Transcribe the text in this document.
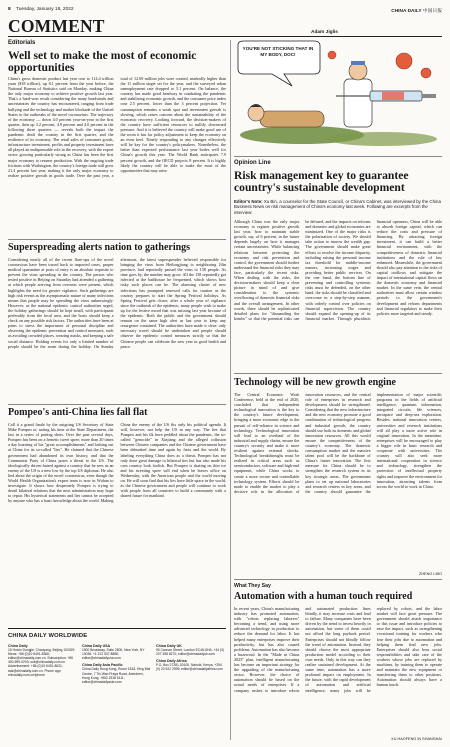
8 Tuesday, January 18, 2022	CHINA DAILY 中国日报
COMMENT
Editorials
Well set to make the most of economic opportunities

China's gross domestic product last year rose to 114.4 trillion yuan ($18 trillion), up 8.1 percent from the year before, the National Bureau of Statistics said on Monday, making China the only major economy to achieve positive growth last year. That's a hard-won result considering the many headwinds and uncertainties the country has encountered, ranging from trade bullying and the technology and market blockade of the United States to the outbreaks of the novel coronavirus. The trajectory of the economy — down 4.0 percent year-on-year in the first quarter, then up 3.2 percent, 4.9 percent and 4.0 percent in the following three quarters — reveals both the impact the pandemic dealt the country in the first quarter, and the resilience of its economy. The retail sales of consumer goods, infrastructure investment, profits and property investment have all played an indispensable role in the recovery, with the export sector growing particularly strong as China has been the first major economy to resume production. With the ongoing trade frictions with Washington, the country's foreign trade still grew 21.4 percent last year, making it the only major economy to realize positive growth in goods trade. Over the past year, a total of 12.69 million jobs were created, markedly higher than the 11 million target set for the year, and the surveyed urban unemployment rate dropped to 5.1 percent. On balance, the country has made good headway in combating the pandemic and stabilizing economic growth, and the consumer price index rose 2.5 percent, lower than the 3 percent projection. Yet consumption remains a weak spot and investment growth is slowing, which raises concern about the sustainability of the economic recovery. Looking forward, the decision-makers of the country have sufficient resources to nullify downward pressure. And it is believed the country will make good use of the room it has for policy adjustment to keep the economy on an even keel. Timely responding to any changes effectively will be key for the country's policymakers. Nonetheless, the better than expected performance last year bodes well for China's growth this year. The World Bank anticipates 7.9 percent growth, and the OECD projects 8 percent. It is highly likely the country will be able to make the most of the opportunities that may arise.

Superspreading alerts nation to gatherings

Considering nearly all of the recent flare-ups of the novel coronavirus have been traced back to imported cases, proper medical quarantine at ports of entry is an absolute requisite to prevent the virus spreading in the country. The person who tested positive in Beijing on Saturday had attended a gathering at which people arriving from overseas were present, which highlights the need for greater vigilance. Such gatherings are high risk events as the asymptomatic nature of many infections means that people may be spreading the virus unknowingly. However, as the national epidemic control authorities urged, the holiday gatherings should be kept small, with participants preferably from the local area, and the hosts should keep a check on any possible risk factors. The authorities have been at pains to stress the importance of personal discipline and observing the epidemic prevention and control measures, such as avoiding crowded places, wearing masks, and keeping a safe social distance. Holding events for only a limited number of people should be the norm during the holiday. On Sunday afternoon, the latest superspreader believed responsible for bringing the virus from Heilongjiang to neighboring Jilin province, had reportedly passed the virus to 158 people. As time goes by, the number may grow. All the 158 reportedly got infected at the bathhouse he frequented, which shows how risky such places can be. The alarming cluster of new infections has prompted renewed calls for caution as the country prepares to start the Spring Festival holidays. As Spring Festival gets closer, after a whole year of vigilance since the outbreak of the epidemic, many people wish to make up for the festive mood that was missing last year because of the epidemic. Both the public and the government should remain on the same high alert as last year to keep any resurgence contained. The authorities have made it clear: only necessary travel should be undertaken and people should observe the epidemic control measures strictly so that the Chinese people can celebrate the new year in good health and peace.

Pompeo's anti-China lies fall flat

Call it a grand finale by the outgoing US Secretary of State Mike Pompeo or, noting his time at the State Department, the last in a series of parting shots. Over the past several days, Pompeo has been on a frenetic tweet spree, more than 20 times a day boasting of his "great accomplishments" and lashing out at China for its so-called "lies". He claimed that the Chinese government had abandoned its own history, and that the Communist Party of China poses a threat to the US. The ideologically driven hatred against a country that he sees as an enemy of the US is a new low by the top US diplomat. He also lied about the origin of the novel coronavirus, even though the World Health Organization's expert team is now in Wuhan to investigate. It shows how desperately Pompeo is trying to derail bilateral relations that the next administration may hope to repair. His hysterical statements and lies cannot be accepted by anyone who has a basic knowledge about the world. Making China the enemy of the US fits only his political agenda. It will, however, not help the US in any way. The lies that Pompeo and his ilk have peddled about the pandemic, the so-called "genocide" in Xinjiang and the alleged collusion between Chinese companies and the Chinese government have been debunked time and again by facts and the world. By labeling everything China does as a threat, Pompeo has not only done great damage to bilateral ties but has also made his own country look foolish. But Pompeo is skating on thin ice and his tweeting spree will end when he leaves office on Wednesday, with the American people and the world moving on. He will soon find that his lies have little space in the world, as the Chinese government and people will continue to work with people from all countries to build a community with a shared future for mankind.

CHINA DAILY WORLDWIDE
China Daily
15 Huixin Dongjie, Chaoyang, Beijing 100029. News: +86 (0)10 6491-8366; editor@chinadaily.com.cn. Subscription: +86 400-699-0203; sub@chinadaily.com.cn. Advertisement: +86 (0)10 6491-8631; ads@chinadaily.com.cn. Phone app: chinadaily.com.cn/iphone
China Daily USA
1500 Broadway, Suite 2800, New York, NY 10036. +1 212 537 8888; editor@chinadailyusa.com
China Daily Asia Pacific
China Daily Hong Kong, Room 1818, Hing Wai Centre, 7 Tin Wan Praya Road, Aberdeen, Hong Kong. +852 2518 5111; editor@chinadailyasia.com
China Daily UK
90 Cannon Street, London EC4N 6HA. +44 (0) 207 398 8270; editor@chinadailyuk.com
China Daily Africa
P.O. Box 27281-00100, Nairobi, Kenya. +254 (0) 20 522 2999; editor@chinadailyafrica.com
Adam Jiglis
YOU'RE NOT STICKING THAT IN MY BODY, DOC!
Opinion Line
Risk management key to guarantee country's sustainable development
Editor's Note: Xu Bin, a counselor for the State Council, or China's Cabinet, was interviewed by the China Business News on risk management of China's economy last week. Following are excerpts from the interview:

Although China was the only major economy to register positive growth last year, how to maintain stable growth, say, of 6 percent, in the future depends largely on how it manages certain uncertainties. While balancing relations between protecting the economy and risk prevention and control, the government should further understand the financial risks they may face, particularly the recent risks. When dealing with the risks, the decision-makers should keep a clear picture in mind of and give consideration to the systemic overflowing of domestic financial risks and the overall arrangement. In other words, there should be sophisticated detailed plans for "dismantling the bombs" so that the potential risks can be defused, and the impacts on reforms and domestic and global economies are minimized. One of the major risks is the polarization of society. We should take action to narrow the wealth gap. The government should make great efforts to resolve the income disparity, including raising the personal income tax threshold for middle-income earners, increasing wages and providing better public services. On the one hand, the bottom line of preventing and controlling systemic risks must be defended, on the other hand, the risks should be classified and overcome in a step-by-step manner, with orderly control over policies on financial supervision. The country should expand the opening-up of its financial market. Through pluralistic financial openness, China will be able to absorb foreign capital, which can reduce the costs and pressure of financing. By attracting foreign investment, it can build a better financial environment, with the competitiveness of domestic financial institutions and the rule of law enhanced. Meanwhile, the government should also pay attention to the risks of capital outflows and mitigate the impact of international capital flows on the domestic economy and financial market. In the same vein, the central authorities must allow certain window periods to the government's development and reform departments and financial regulators to make their policies more targeted and steady.

Technology will be new growth engine

The Central Economic Work Conference, held at the end of 2020, concluded that independent technological innovation is the key to the country's future development, bringing a more economic edge to the pursuit of self-reliance in science and technology. Technological innovation will lead to an overhaul of the industrial and supply chains, ensure the country's security and make it more resilient against external shocks. Technological breakthroughs must be realized in critical areas such as semiconductors, software and high-end equipment, while China works to create a more secure and controllable technology system. Efforts should be made to enable the market to play a decisive role in the allocation of innovation resources, and the central role of enterprises in research and development should be strengthened. Considering that the new infrastructure and the new economy promote a good combination of technological progress and industrial growth, the country should use both its domestic and global innovation resources. All this would ensure the competitiveness of the country's economy. The domestic consumption market and the massive talent pool will be the backbone of China's future innovation. The first measure for China should be to strengthen the research system in its key strategic areas. The government plans to set up national laboratories and research centers in key areas, and the country should guarantee the implementation of major scientific programs in the fields of artificial intelligence, quantum information, integrated circuits, life sciences, aerospace and deep-sea exploration. Besides, national innovation centers, universities and research institutions will all play a more active role in original innovation. In the meantime, enterprises will be encouraged to play a bigger role in basic research and cooperate with universities. The country will also seek more international cooperation in science and technology, strengthen the protection of intellectual property rights and improve the environment for innovation, attracting talents from across the world to work in China.

ZHENG LIBO
What They Say
Automation with a human touch required

In recent years, China's manufacturing industry has promoted automation, with "robots replacing laborers" becoming a trend, and using more advanced technology in production to reduce the demand for labor. It has helped many enterprises improve their productivity, but has also caused problems. Automation has also become a buzzword. In the "Made in China 2025" plan, intelligent manufacturing has become an important strategy for the upgrading of the manufacturing sector. However, the choice of automation should be based on the actual needs of enterprises. If a company rushes to introduce robots and automated production lines blindly, it may increase costs and lead to failure. Many companies have been driven by the trend to invest heavily in automation, but some of them could not afford the long payback period. Enterprises should not blindly follow the trend of automation. Instead, they should choose the most appropriate production model according to their own needs. Only in this way can they realize sustained development. At the same time, automation has a more profound impact on employment. In the future, with the rapid development of automation and artificial intelligence, many jobs will be replaced by robots, and the labor market will face great pressure. The government should attach importance to this issue and introduce policies to ease the impact, such as strengthening vocational training for workers who lose their jobs due to automation and helping them find new jobs. Enterprises should also bear social responsibilities and take care of the workers whose jobs are replaced by machines, by training them to operate and maintain the new equipment or transferring them to other positions. Automation should always have a human touch.

XU HAOFENG IN SHANGHAI
